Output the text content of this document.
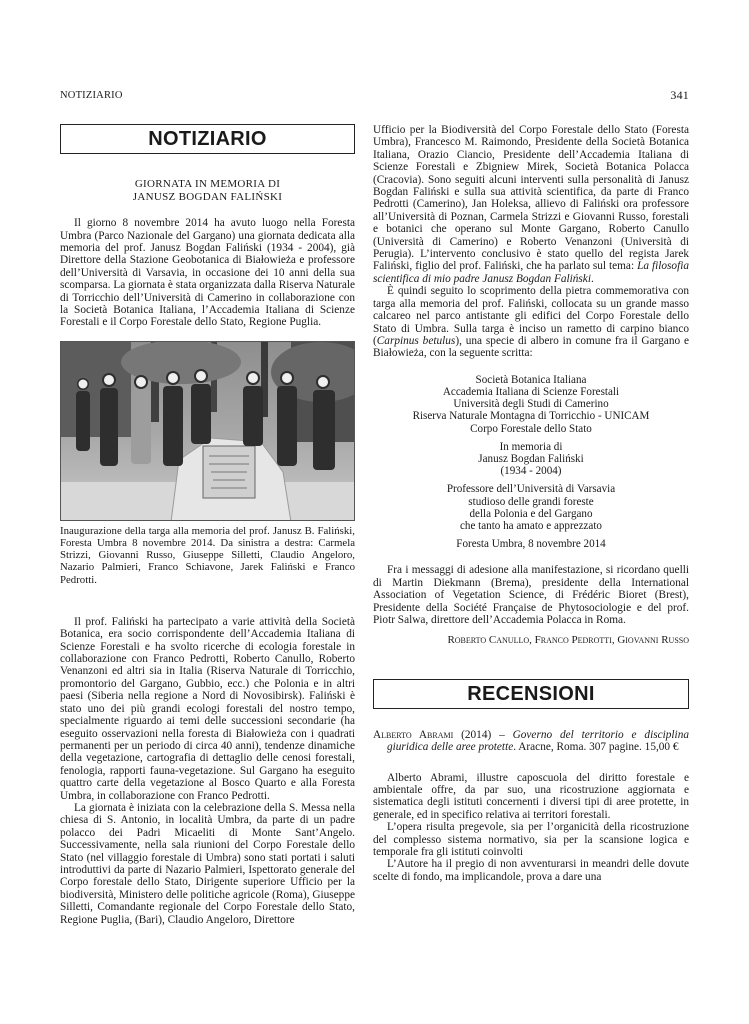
NOTIZIARIO	341
NOTIZIARIO
GIORNATA IN MEMORIA DI
JANUSZ BOGDAN FALIŃSKI

Il giorno 8 novembre 2014 ha avuto luogo nella Foresta Umbra (Parco Nazionale del Gargano) una giornata dedicata alla memoria del prof. Janusz Bogdan Faliński (1934 - 2004), già Direttore della Stazione Geobotanica di Białowieża e professore dell’Università di Varsavia, in occasione dei 10 anni della sua scomparsa. La giornata è stata organizzata dalla Riserva Naturale di Torricchio dell’Università di Camerino in collaborazione con la Società Botanica Italiana, l’Accademia Italiana di Scienze Forestali e il Corpo Forestale dello Stato, Regione Puglia.

Inaugurazione della targa alla memoria del prof. Janusz B. Faliński, Foresta Umbra 8 novembre 2014. Da sinistra a destra: Carmela Strizzi, Giovanni Russo, Giuseppe Silletti, Claudio Angeloro, Nazario Palmieri, Franco Schiavone, Jarek Faliński e Franco Pedrotti.

Il prof. Faliński ha partecipato a varie attività della Società Botanica, era socio corrispondente dell’Accademia Italiana di Scienze Forestali e ha svolto ricerche di ecologia forestale in collaborazione con Franco Pedrotti, Roberto Canullo, Roberto Venanzoni ed altri sia in Italia (Riserva Naturale di Torricchio, promontorio del Gargano, Gubbio, ecc.) che Polonia e in altri paesi (Siberia nella regione a Nord di Novosibirsk). Faliński è stato uno dei più grandi ecologi forestali del nostro tempo, specialmente riguardo ai temi delle successioni secondarie (ha eseguito osservazioni nella foresta di Białowieża con i quadrati permanenti per un periodo di circa 40 anni), tendenze dinamiche della vegetazione, cartografia di dettaglio delle cenosi forestali, fenologia, rapporti fauna-vegetazione. Sul Gargano ha eseguito quattro carte della vegetazione al Bosco Quarto e alla Foresta Umbra, in collaborazione con Franco Pedrotti.

La giornata è iniziata con la celebrazione della S. Messa nella chiesa di S. Antonio, in località Umbra, da parte di un padre polacco dei Padri Micaeliti di Monte Sant’Angelo. Successivamente, nella sala riunioni del Corpo Forestale dello Stato (nel villaggio forestale di Umbra) sono stati portati i saluti introduttivi da parte di Nazario Palmieri, Ispettorato generale del Corpo forestale dello Stato, Dirigente superiore Ufficio per la biodiversità, Ministero delle politiche agricole (Roma), Giuseppe Silletti, Comandante regionale del Corpo Forestale dello Stato, Regione Puglia, (Bari), Claudio Angeloro, Direttore

Ufficio per la Biodiversità del Corpo Forestale dello Stato (Foresta Umbra), Francesco M. Raimondo, Presidente della Società Botanica Italiana, Orazio Ciancio, Presidente dell’Accademia Italiana di Scienze Forestali e Zbigniew Mirek, Società Botanica Polacca (Cracovia). Sono seguiti alcuni interventi sulla personalità di Janusz Bogdan Faliński e sulla sua attività scientifica, da parte di Franco Pedrotti (Camerino), Jan Holeksa, allievo di Faliński ora professore all’Università di Poznan, Carmela Strizzi e Giovanni Russo, forestali e botanici che operano sul Monte Gargano, Roberto Canullo (Università di Camerino) e Roberto Venanzoni (Università di Perugia). L’intervento conclusivo è stato quello del regista Jarek Faliński, figlio del prof. Faliński, che ha parlato sul tema: La filosofia scientifica di mio padre Janusz Bogdan Faliński.

È quindi seguito lo scoprimento della pietra commemorativa con targa alla memoria del prof. Faliński, collocata su un grande masso calcareo nel parco antistante gli edifici del Corpo Forestale dello Stato di Umbra. Sulla targa è inciso un rametto di carpino bianco (Carpinus betulus), una specie di albero in comune fra il Gargano e Białowieża, con la seguente scritta:

Società Botanica Italiana
Accademia Italiana di Scienze Forestali
Università degli Studi di Camerino
Riserva Naturale Montagna di Torricchio - UNICAM
Corpo Forestale dello Stato
In memoria di
Janusz Bogdan Faliński
(1934 - 2004)
Professore dell’Università di Varsavia
studioso delle grandi foreste
della Polonia e del Gargano
che tanto ha amato e apprezzato
Foresta Umbra, 8 novembre 2014

Fra i messaggi di adesione alla manifestazione, si ricordano quelli di Martin Diekmann (Brema), presidente della International Association of Vegetation Science, di Frédéric Bioret (Brest), Presidente della Société Française de Phytosociologie e del prof. Piotr Salwa, direttore dell’Accademia Polacca in Roma.

Roberto Canullo, Franco Pedrotti, Giovanni Russo
RECENSIONI
Alberto Abrami (2014) – Governo del territorio e disciplina giuridica delle aree protette. Aracne, Roma. 307 pagine. 15,00 €

Alberto Abrami, illustre caposcuola del diritto forestale e ambientale offre, da par suo, una ricostruzione aggiornata e sistematica degli istituti concernenti i diversi tipi di aree protette, in generale, ed in specifico relativa ai territori forestali.

L’opera risulta pregevole, sia per l’organicità della ricostruzione del complesso sistema normativo, sia per la scansione logica e temporale fra gli istituti coinvolti

L’Autore ha il pregio di non avventurarsi in meandri delle dovute scelte di fondo, ma implicandole, prova a dare una
